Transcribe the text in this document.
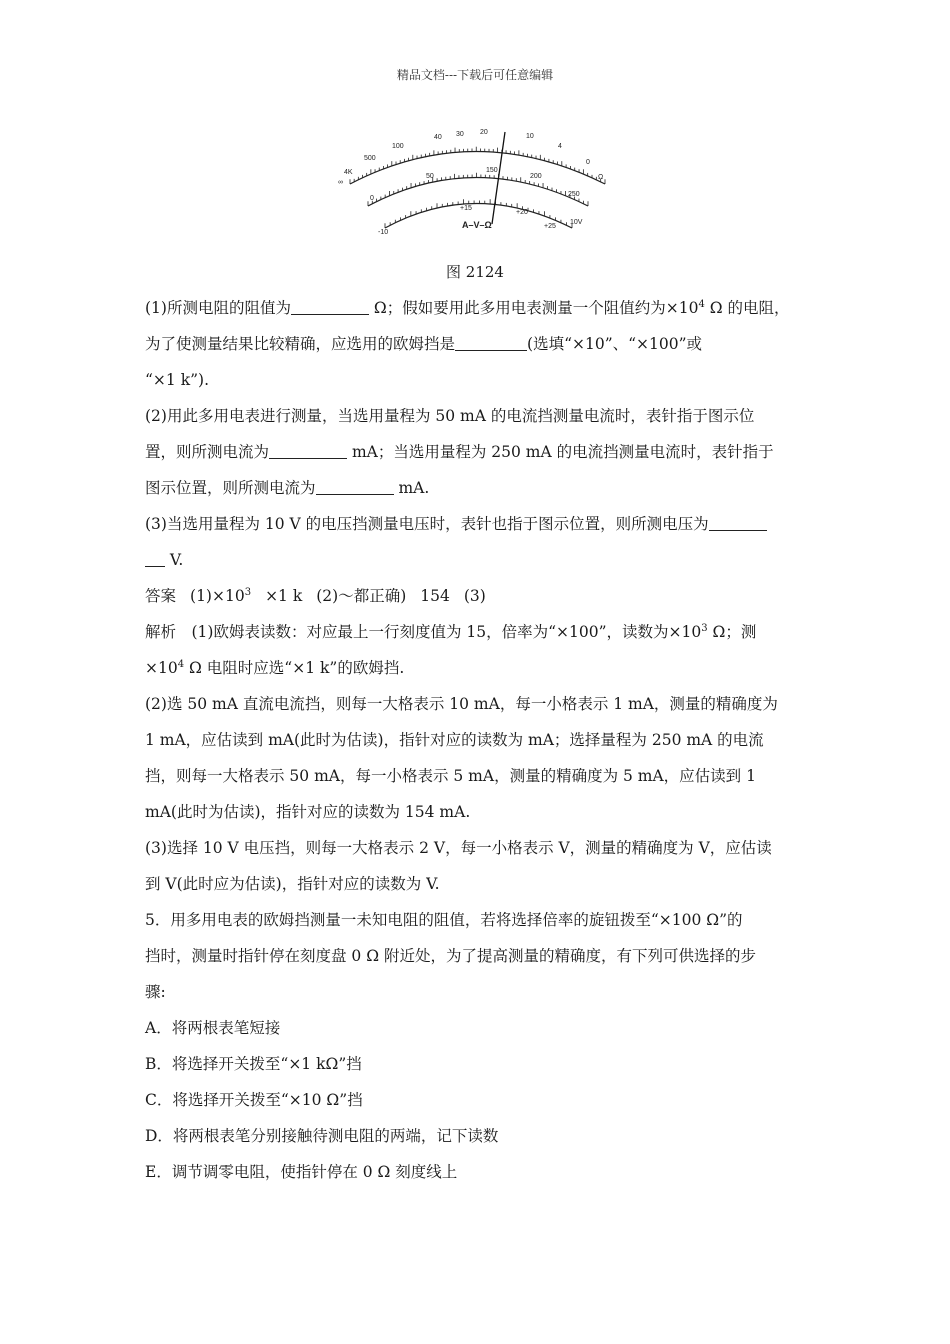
精品文档---下载后可任意编辑
∞
4K
500
100
40 30 20
10
4
0
Ω
0
50
150
200
250
10V
-10
+15
+20
+25
A–V–Ω
图 2124
(1)所测电阻的阻值为	Ω；假如要用此多用电表测量一个阻值约为$\times 10^4$ Ω 的电阻，
为了使测量结果比较精确，应选用的欧姆挡是	(选填“×10”、“×100”或
“×1 k”).
(2)用此多用电表进行测量，当选用量程为 50 mA 的电流挡测量电流时，表针指于图示位
置，则所测电流为	mA；当选用量程为 250 mA 的电流挡测量电流时，表针指于
图示位置，则所测电流为	mA.
(3)当选用量程为 10 V 的电压挡测量电压时，表针也指于图示位置，则所测电压为
V.
答案 $(1)\times 10^3 \times 1$ k (2)～都正确) 154 (3)
解析　(1)欧姆表读数：对应最上一行刻度值为 15，倍率为“×100”，读数为$\times 10^3$ Ω；测
$\times 10^4$ Ω 电阻时应选“×1 k”的欧姆挡.
(2)选 50 mA 直流电流挡，则每一大格表示 10 mA，每一小格表示 1 mA，测量的精确度为
1 mA，应估读到 mA(此时为估读)，指针对应的读数为 mA；选择量程为 250 mA 的电流
挡，则每一大格表示 50 mA，每一小格表示 5 mA，测量的精确度为 5 mA，应估读到 1
mA(此时为估读)，指针对应的读数为 154 mA.
(3)选择 10 V 电压挡，则每一大格表示 2 V，每一小格表示 V，测量的精确度为 V，应估读
到 V(此时应为估读)，指针对应的读数为 V.
5．用多用电表的欧姆挡测量一未知电阻的阻值，若将选择倍率的旋钮拨至“×100 Ω”的
挡时，测量时指针停在刻度盘 0 Ω 附近处，为了提高测量的精确度，有下列可供选择的步
骤:
A．将两根表笔短接
B．将选择开关拨至“×1 kΩ”挡
C．将选择开关拨至“×10 Ω”挡
D．将两根表笔分别接触待测电阻的两端，记下读数
E．调节调零电阻，使指针停在 0 Ω 刻度线上
